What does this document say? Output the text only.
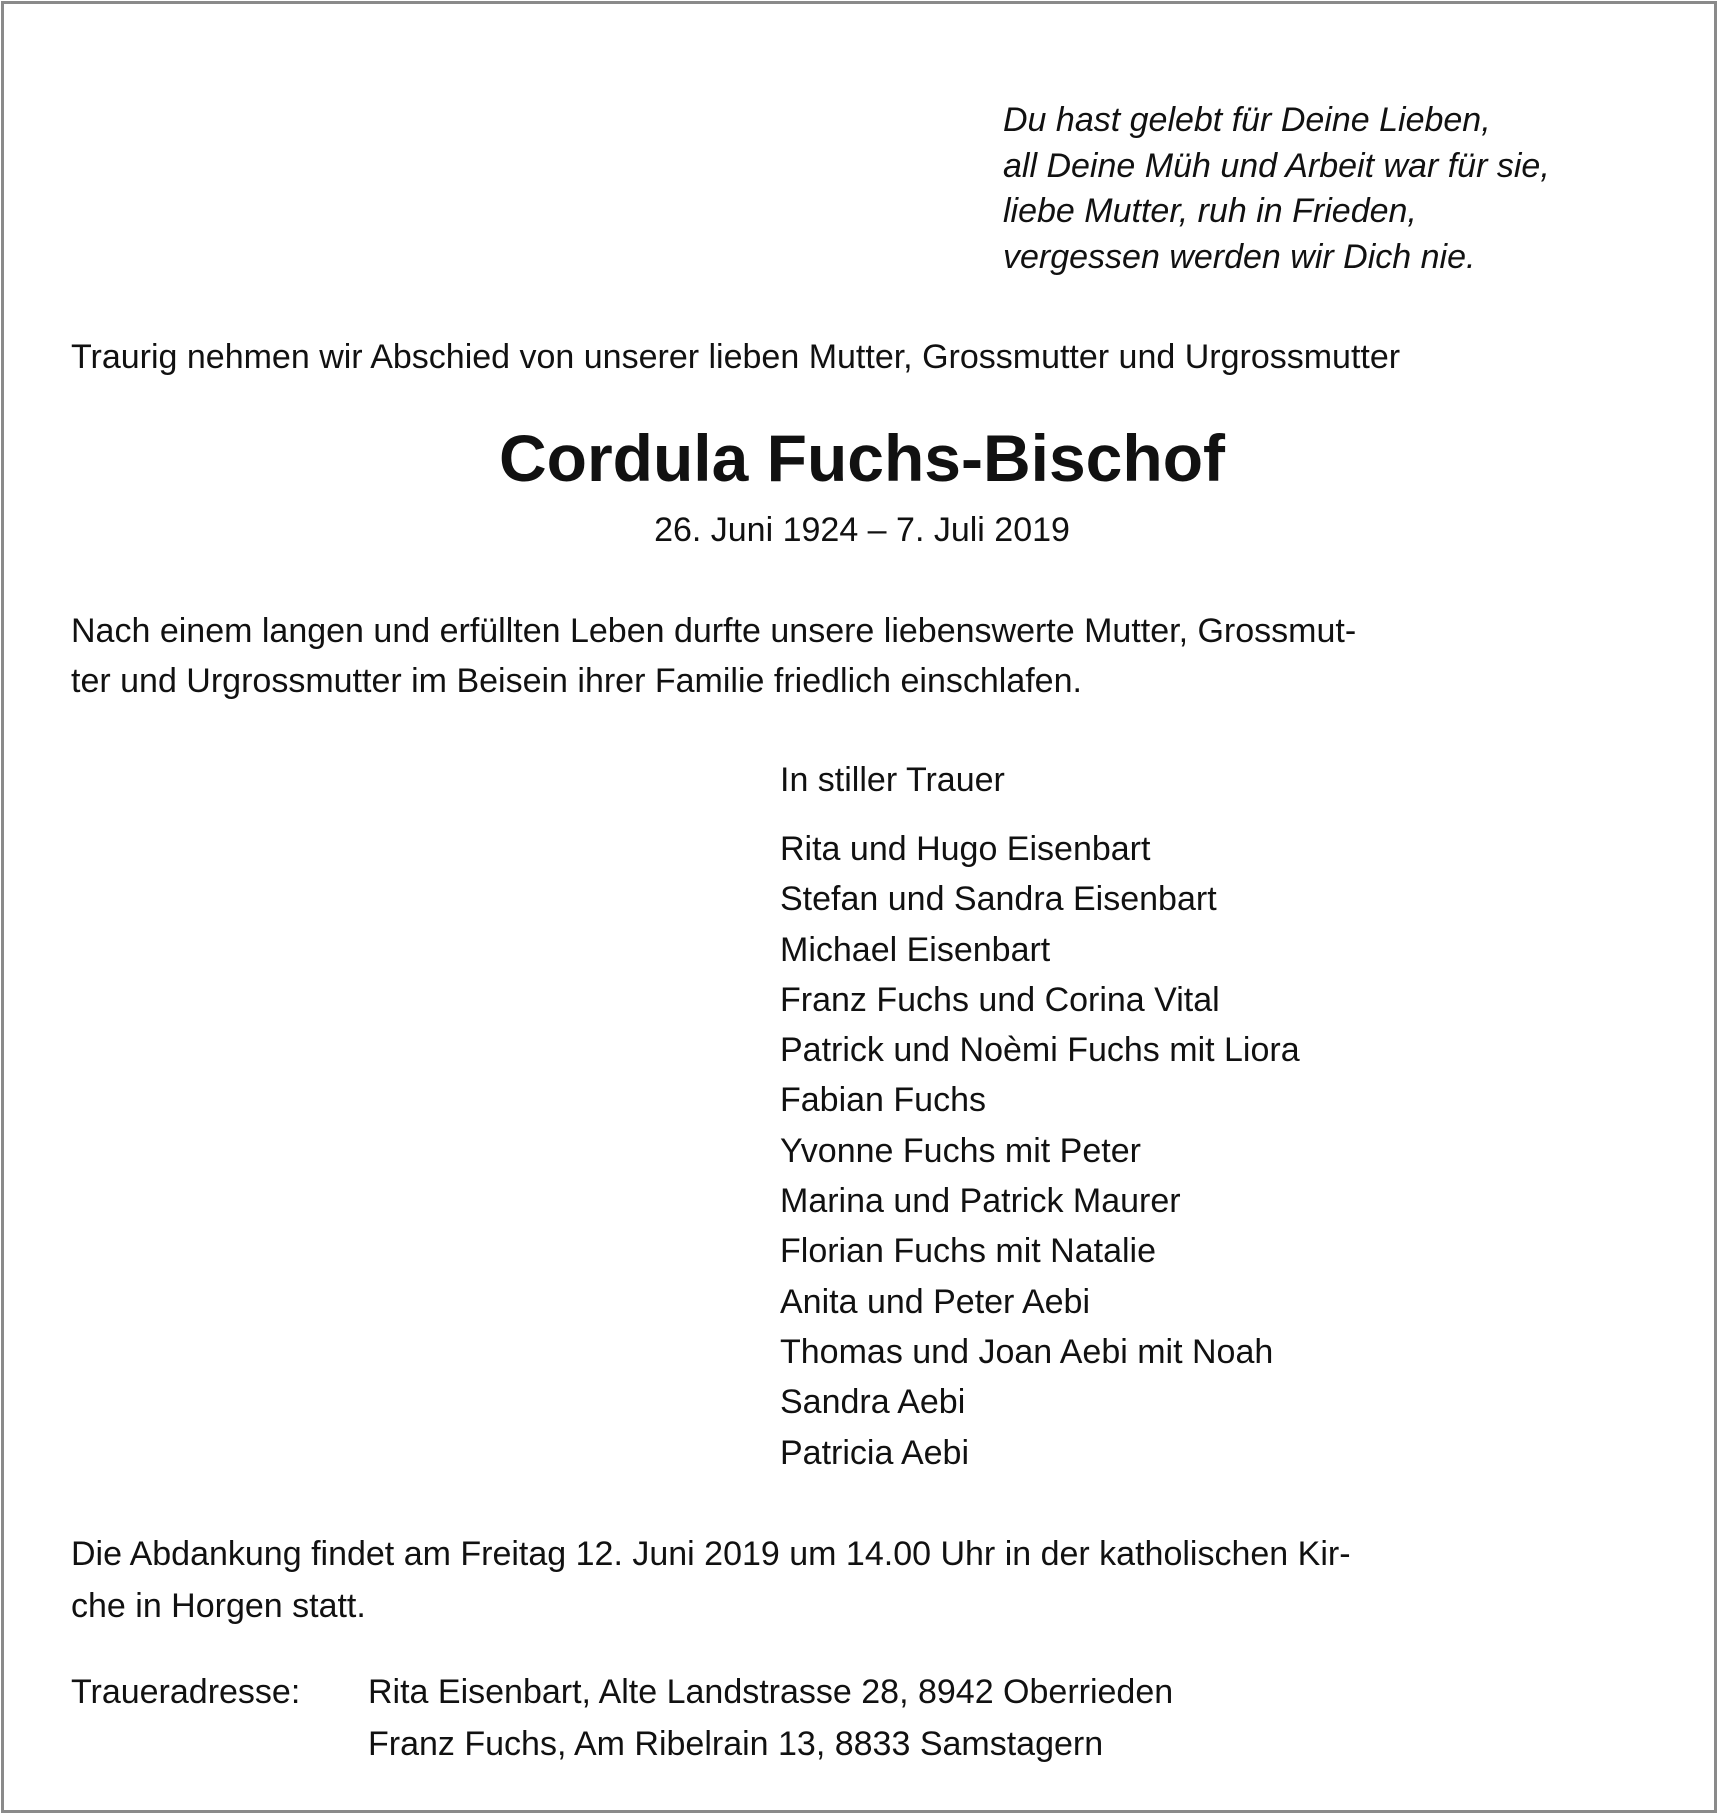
Du hast gelebt für Deine Lieben,
all Deine Müh und Arbeit war für sie,
liebe Mutter, ruh in Frieden,
vergessen werden wir Dich nie.
Traurig nehmen wir Abschied von unserer lieben Mutter, Grossmutter und Urgrossmutter
Cordula Fuchs-Bischof
26. Juni 1924 – 7. Juli 2019
Nach einem langen und erfüllten Leben durfte unsere liebenswerte Mutter, Grossmut-
ter und Urgrossmutter im Beisein ihrer Familie friedlich einschlafen.
In stiller Trauer
Rita und Hugo Eisenbart
Stefan und Sandra Eisenbart
Michael Eisenbart
Franz Fuchs und Corina Vital
Patrick und Noèmi Fuchs mit Liora
Fabian Fuchs
Yvonne Fuchs mit Peter
Marina und Patrick Maurer
Florian Fuchs mit Natalie
Anita und Peter Aebi
Thomas und Joan Aebi mit Noah
Sandra Aebi
Patricia Aebi
Die Abdankung findet am Freitag 12. Juni 2019 um 14.00 Uhr in der katholischen Kir-
che in Horgen statt.
Traueradresse: Rita Eisenbart, Alte Landstrasse 28, 8942 Oberrieden
Franz Fuchs, Am Ribelrain 13, 8833 Samstagern
